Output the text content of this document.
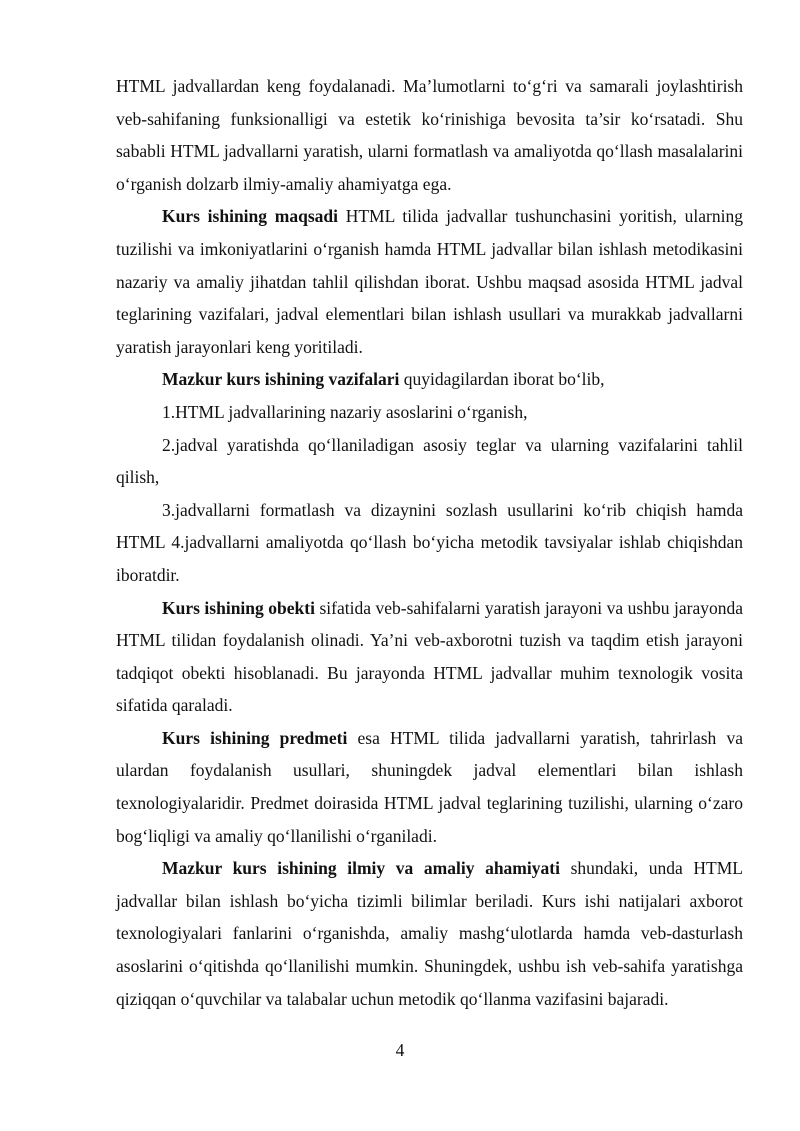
HTML jadvallardan keng foydalanadi. Ma’lumotlarni to‘g‘ri va samarali joylashtirish veb-sahifaning funksionalligi va estetik ko‘rinishiga bevosita ta’sir ko‘rsatadi. Shu sababli HTML jadvallarni yaratish, ularni formatlash va amaliyotda qo‘llash masalalarini o‘rganish dolzarb ilmiy-amaliy ahamiyatga ega.

Kurs ishining maqsadi HTML tilida jadvallar tushunchasini yoritish, ularning tuzilishi va imkoniyatlarini o‘rganish hamda HTML jadvallar bilan ishlash metodikasini nazariy va amaliy jihatdan tahlil qilishdan iborat. Ushbu maqsad asosida HTML jadval teglarining vazifalari, jadval elementlari bilan ishlash usullari va murakkab jadvallarni yaratish jarayonlari keng yoritiladi.

Mazkur kurs ishining vazifalari quyidagilardan iborat bo‘lib,

1.HTML jadvallarining nazariy asoslarini o‘rganish,

2.jadval yaratishda qo‘llaniladigan asosiy teglar va ularning vazifalarini tahlil qilish,

3.jadvallarni formatlash va dizaynini sozlash usullarini ko‘rib chiqish hamda HTML 4.jadvallarni amaliyotda qo‘llash bo‘yicha metodik tavsiyalar ishlab chiqishdan iboratdir.

Kurs ishining obekti sifatida veb-sahifalarni yaratish jarayoni va ushbu jarayonda HTML tilidan foydalanish olinadi. Ya’ni veb-axborotni tuzish va taqdim etish jarayoni tadqiqot obekti hisoblanadi. Bu jarayonda HTML jadvallar muhim texnologik vosita sifatida qaraladi.

Kurs ishining predmeti esa HTML tilida jadvallarni yaratish, tahrirlash va ulardan foydalanish usullari, shuningdek jadval elementlari bilan ishlash texnologiyalaridir. Predmet doirasida HTML jadval teglarining tuzilishi, ularning o‘zaro bog‘liqligi va amaliy qo‘llanilishi o‘rganiladi.

Mazkur kurs ishining ilmiy va amaliy ahamiyati shundaki, unda HTML jadvallar bilan ishlash bo‘yicha tizimli bilimlar beriladi. Kurs ishi natijalari axborot texnologiyalari fanlarini o‘rganishda, amaliy mashg‘ulotlarda hamda veb-dasturlash asoslarini o‘qitishda qo‘llanilishi mumkin. Shuningdek, ushbu ish veb-sahifa yaratishga qiziqqan o‘quvchilar va talabalar uchun metodik qo‘llanma vazifasini bajaradi.

4
